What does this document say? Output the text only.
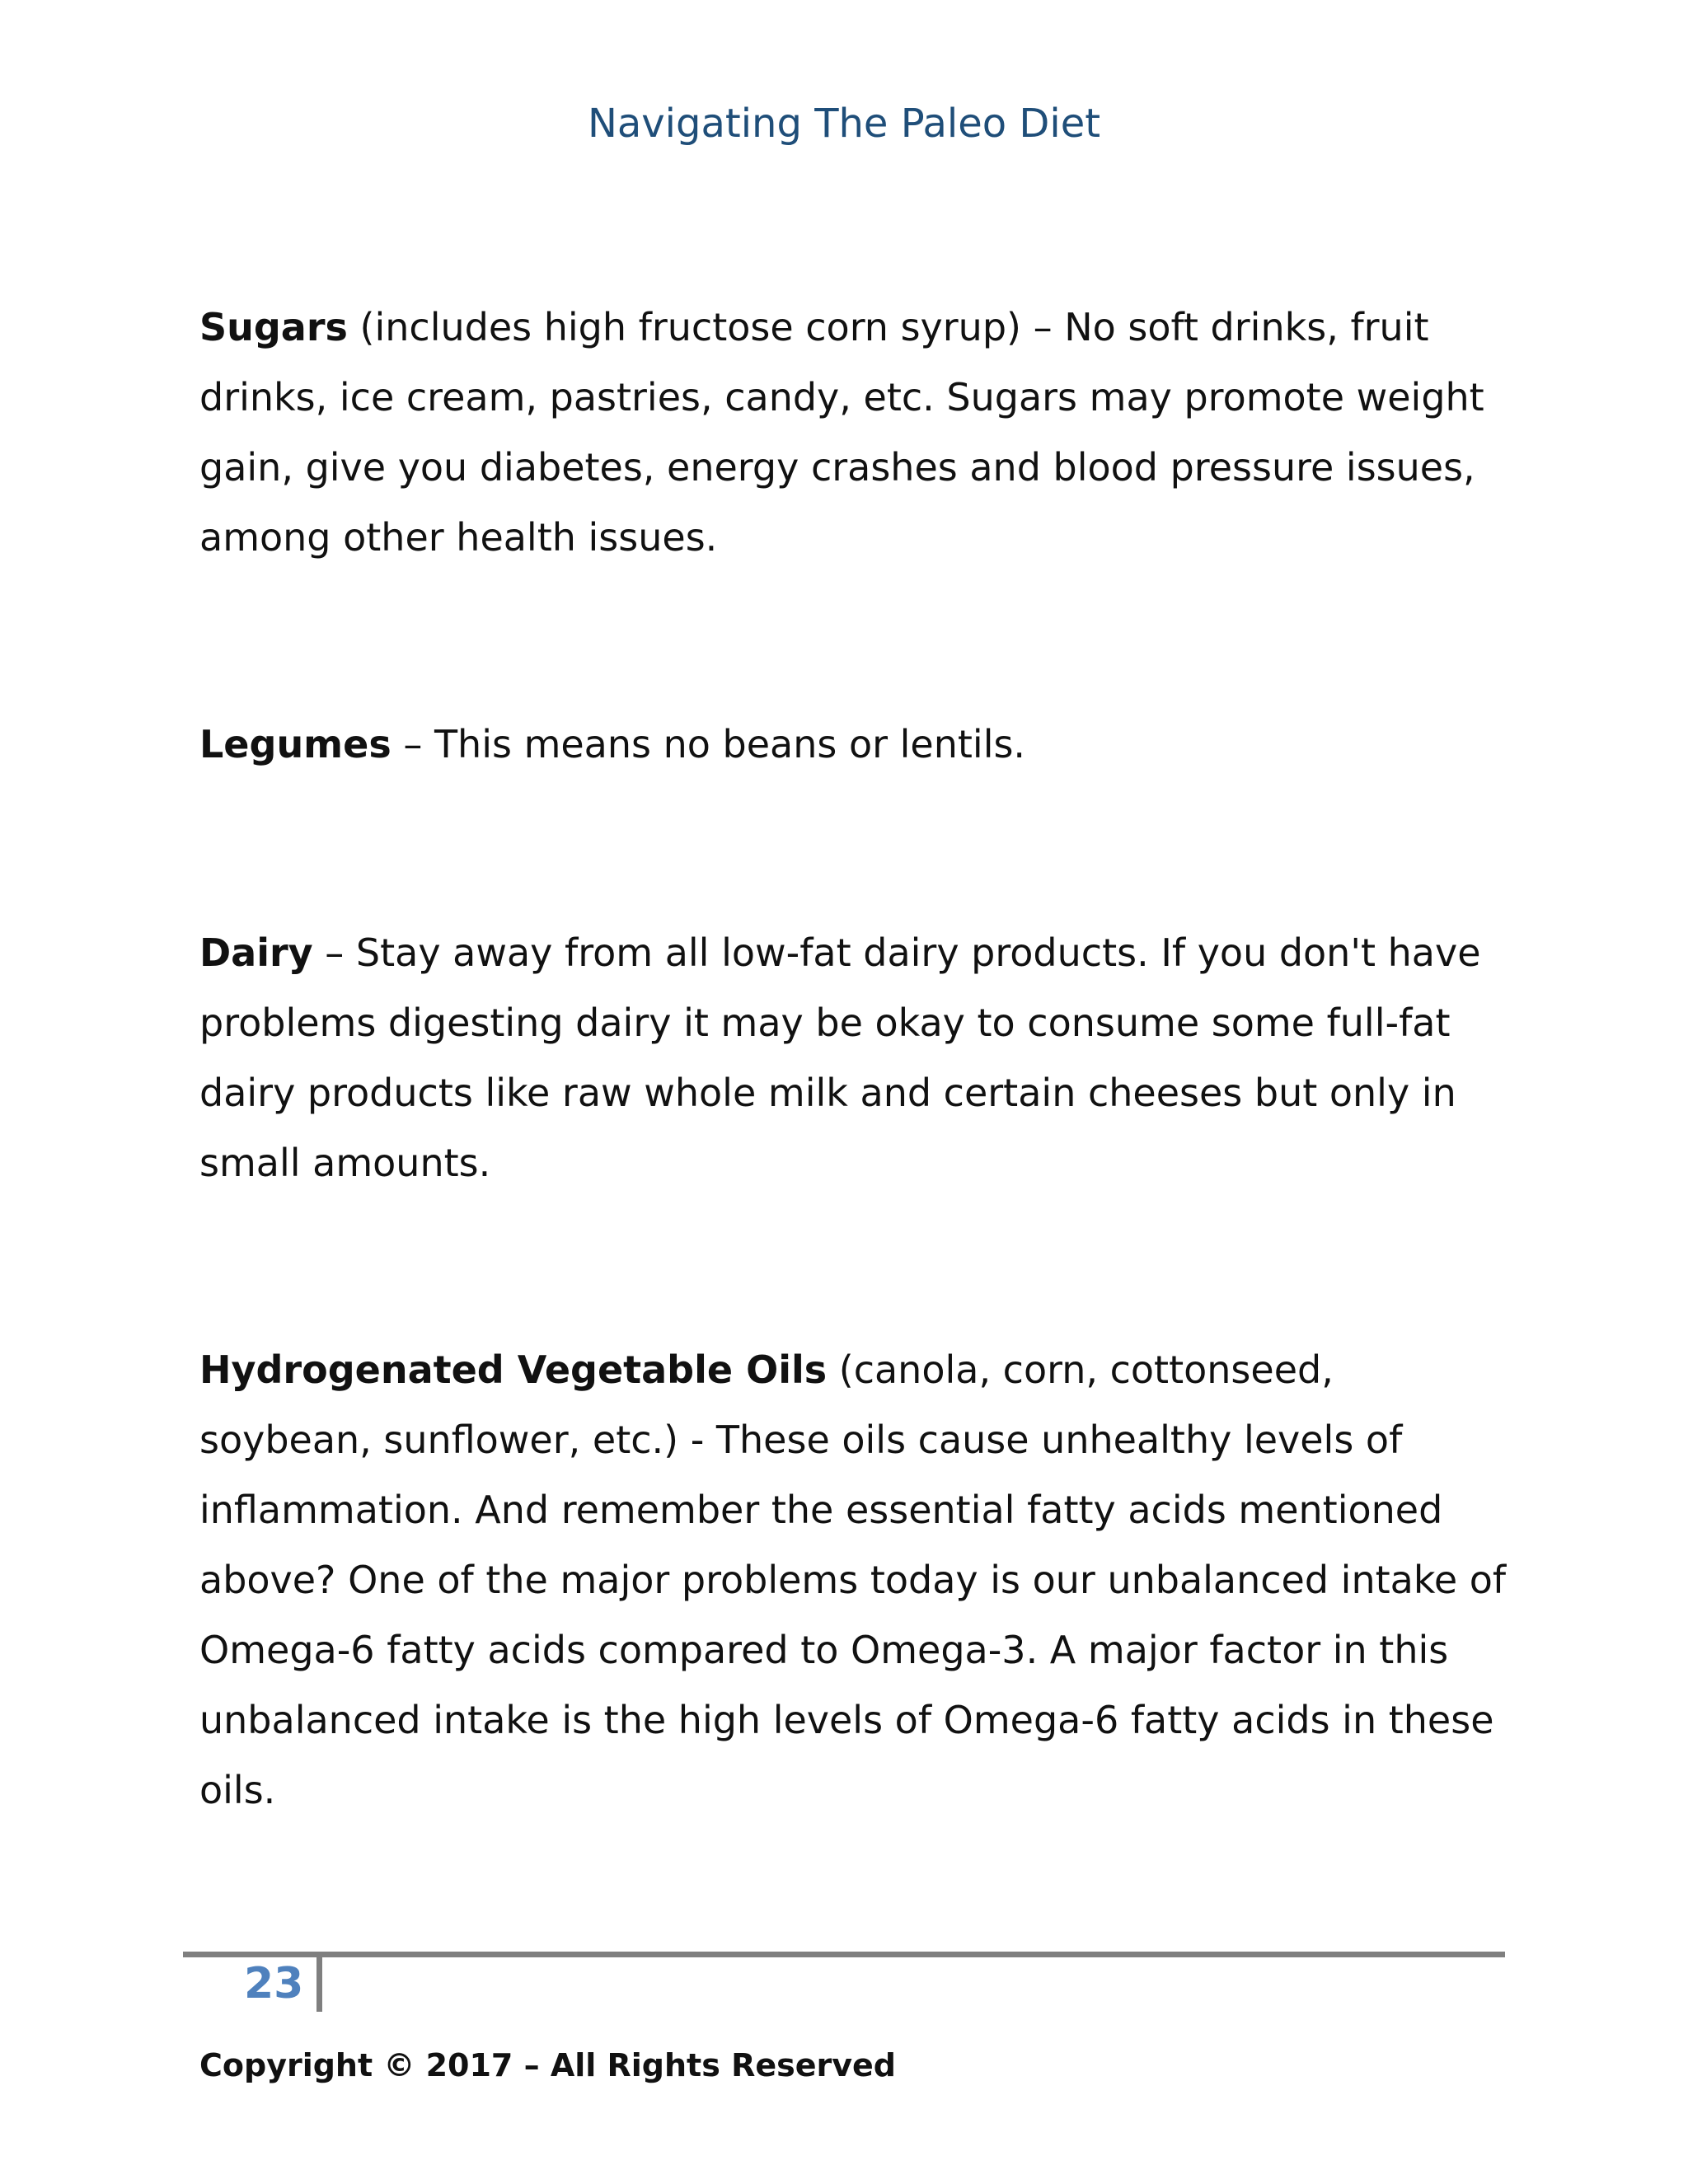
Navigating The Paleo Diet

Sugars (includes high fructose corn syrup) – No soft drinks, fruit drinks, ice cream, pastries, candy, etc. Sugars may promote weight gain, give you diabetes, energy crashes and blood pressure issues, among other health issues.

Legumes – This means no beans or lentils.

Dairy – Stay away from all low-fat dairy products. If you don't have problems digesting dairy it may be okay to consume some full-fat dairy products like raw whole milk and certain cheeses but only in small amounts.

Hydrogenated Vegetable Oils (canola, corn, cottonseed, soybean, sunflower, etc.) - These oils cause unhealthy levels of inflammation. And remember the essential fatty acids mentioned above? One of the major problems today is our unbalanced intake of Omega-6 fatty acids compared to Omega-3. A major factor in this unbalanced intake is the high levels of Omega-6 fatty acids in these oils.

23
Copyright © 2017 – All Rights Reserved
